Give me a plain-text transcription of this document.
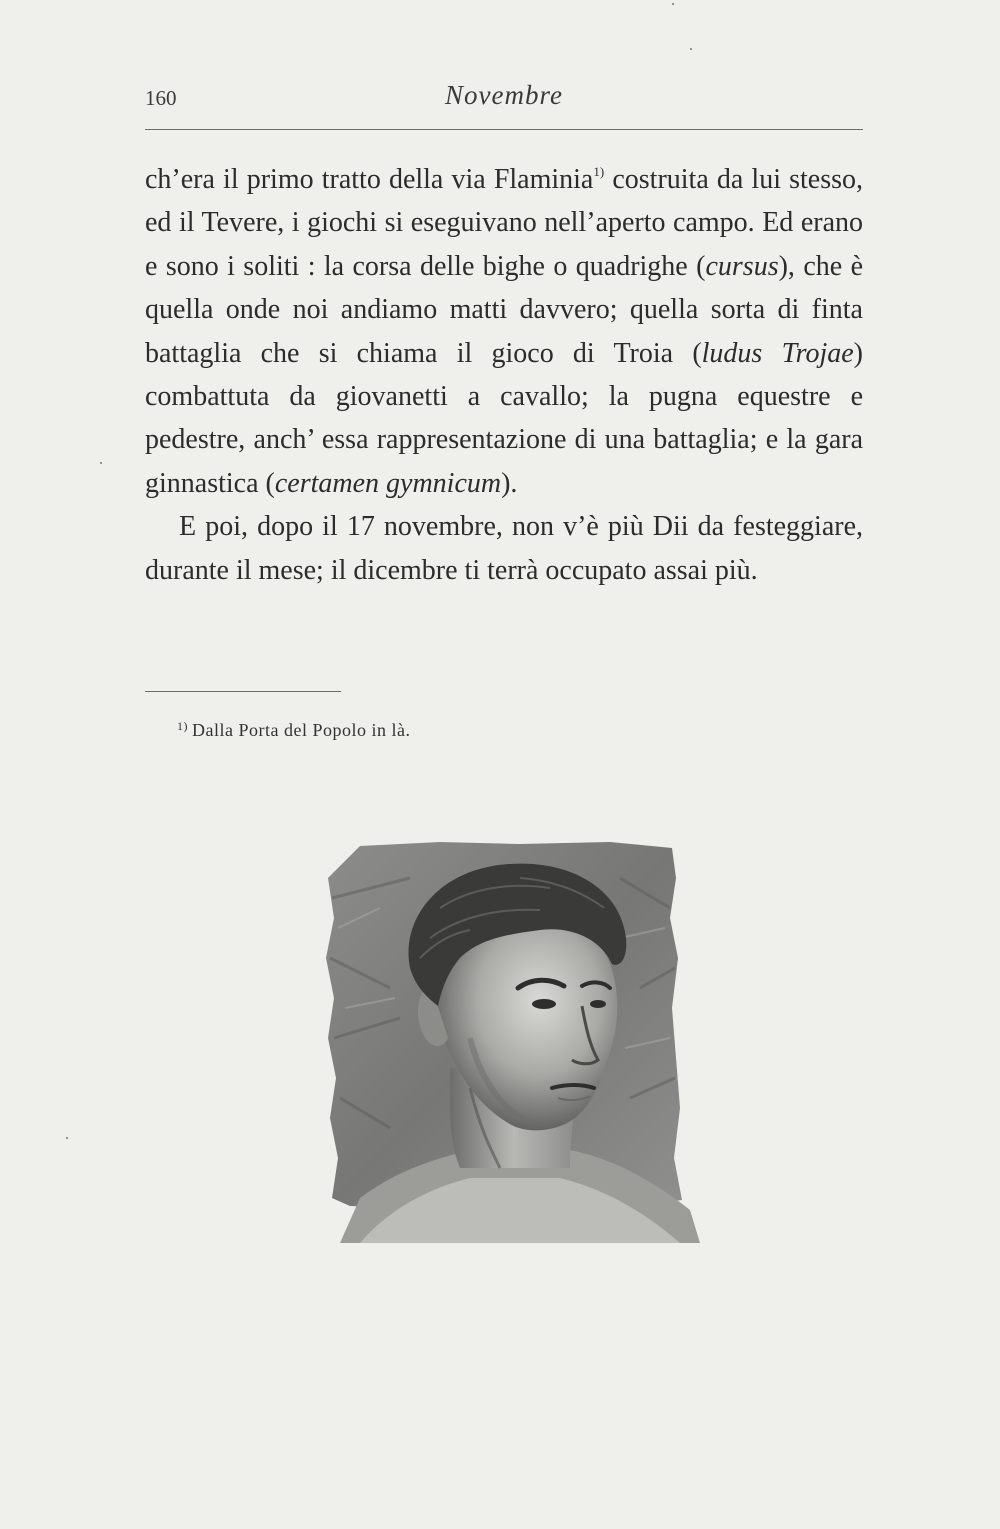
160	Novembre

ch’era il primo tratto della via Flaminia$^{1)}$ costruita da lui stesso, ed il Tevere, i giochi si eseguivano nell’aperto campo. Ed erano e sono i soliti : la corsa delle bighe o quadrighe (cursus), che è quella onde noi andiamo matti davvero; quella sorta di finta battaglia che si chiama il gioco di Troia (ludus Trojae) combattuta da giovanetti a cavallo; la pugna equestre e pedestre, anch’ essa rappresentazione di una battaglia; e la gara ginnastica (certamen gymnicum).

E poi, dopo il 17 novembre, non v’è più Dii da festeggiare, durante il mese; il dicembre ti terrà occupato assai più.

$^{1)}$ Dalla Porta del Popolo in là.
